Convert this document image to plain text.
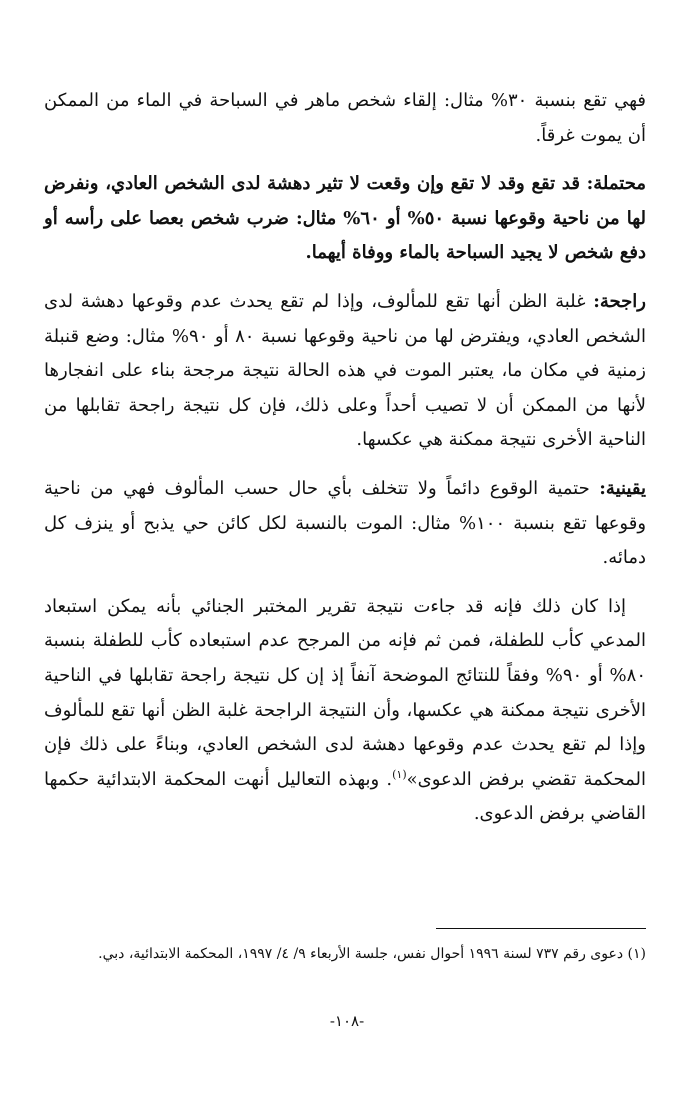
فهي تقع بنسبة ٣٠% مثال: إلقاء شخص ماهر في السباحة في الماء من الممكن أن يموت غرقاً.

محتملة: قد تقع وقد لا تقع وإن وقعت لا تثير دهشة لدى الشخص العادي، ونفرض لها من ناحية وقوعها نسبة ٥٠% أو ٦٠% مثال: ضرب شخص بعصا على رأسه أو دفع شخص لا يجيد السباحة بالماء ووفاة أيهما.

راجحة: غلبة الظن أنها تقع للمألوف، وإذا لم تقع يحدث عدم وقوعها دهشة لدى الشخص العادي، ويفترض لها من ناحية وقوعها نسبة ٨٠ أو ٩٠% مثال: وضع قنبلة زمنية في مكان ما، يعتبر الموت في هذه الحالة نتيجة مرجحة بناء على انفجارها لأنها من الممكن أن لا تصيب أحداً وعلى ذلك، فإن كل نتيجة راجحة تقابلها من الناحية الأخرى نتيجة ممكنة هي عكسها.

يقينية: حتمية الوقوع دائماً ولا تتخلف بأي حال حسب المألوف فهي من ناحية وقوعها تقع بنسبة ١٠٠% مثال: الموت بالنسبة لكل كائن حي يذبح أو ينزف كل دمائه.

إذا كان ذلك فإنه قد جاءت نتيجة تقرير المختبر الجنائي بأنه يمكن استبعاد المدعي كأب للطفلة، فمن ثم فإنه من المرجح عدم استبعاده كأب للطفلة بنسبة ٨٠% أو ٩٠% وفقاً للنتائج الموضحة آنفاً إذ إن كل نتيجة راجحة تقابلها في الناحية الأخرى نتيجة ممكنة هي عكسها، وأن النتيجة الراجحة غلبة الظن أنها تقع للمألوف وإذا لم تقع يحدث عدم وقوعها دهشة لدى الشخص العادي، وبناءً على ذلك فإن المحكمة تقضي برفض الدعوى»$^{(١)}$. وبهذه التعاليل أنهت المحكمة الابتدائية حكمها القاضي برفض الدعوى.

(١) دعوى رقم ٧٣٧ لسنة ١٩٩٦ أحوال نفس، جلسة الأربعاء ٩/ ٤/ ١٩٩٧، المحكمة الابتدائية، دبي.
-١٠٨-
